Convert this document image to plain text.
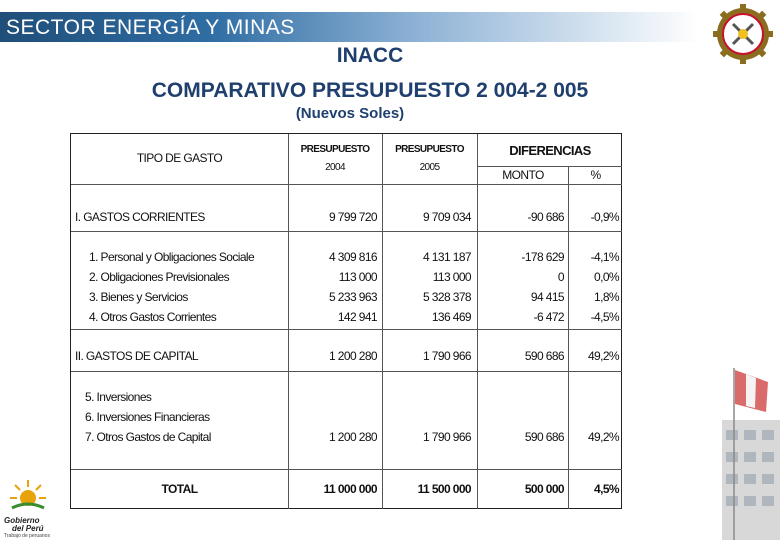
SECTOR ENERGÍA Y MINAS
INACC
COMPARATIVO PRESUPUESTO 2 004-2 005
(Nuevos Soles)
Gobierno
del Perú
Trabajo de peruanos
TIPO DE GASTO
PRESUPUESTO
2004
PRESUPUESTO
2005
DIFERENCIAS
MONTO	%
I. GASTOS CORRIENTES	9 799 720	9 709 034	-90 686	-0,9%
1. Personal y Obligaciones Sociale	4 309 816	4 131 187	-178 629	-4,1%
2. Obligaciones Previsionales	113 000	113 000	0	0,0%
3. Bienes y Servicios	5 233 963	5 328 378	94 415	1,8%
4. Otros Gastos Corrientes	142 941	136 469	-6 472	-4,5%
II. GASTOS DE CAPITAL	1 200 280	1 790 966	590 686	49,2%
5. Inversiones
6. Inversiones Financieras
7. Otros Gastos de Capital	1 200 280	1 790 966	590 686	49,2%
TOTAL	11 000 000	11 500 000	500 000	4,5%
